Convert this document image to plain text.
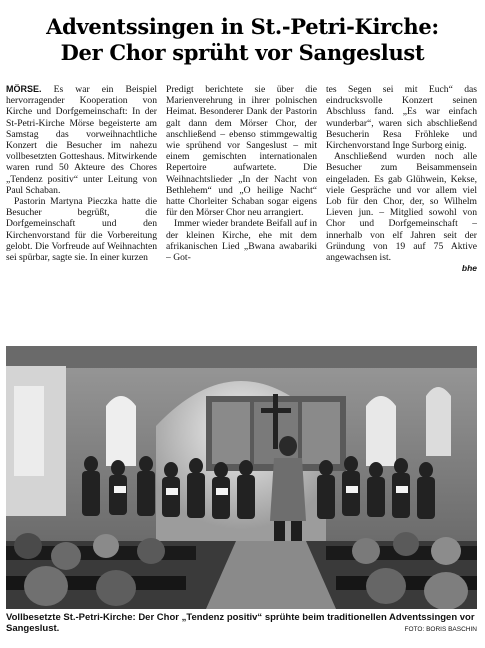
Adventssingen in St.-Petri-Kirche:
Der Chor sprüht vor Sangeslust

MÖRSE. Es war ein Beispiel hervorragender Kooperation von Kirche und Dorfgemeinschaft: In der St-Petri-Kirche Mörse begeisterte am Samstag das vorweihnachtliche Konzert die Besucher im nahezu vollbesetzten Gotteshaus. Mitwirkende waren rund 50 Akteure des Chores „Tendenz positiv“ unter Leitung von Paul Schaban.

Pastorin Martyna Pieczka hatte die Besucher begrüßt, die Dorfgemeinschaft und den Kirchenvorstand für die Vorbereitung gelobt. Die Vorfreude auf Weihnachten sei spürbar, sagte sie. In einer kurzen

Predigt berichtete sie über die Marienverehrung in ihrer polnischen Heimat. Besonderer Dank der Pastorin galt dann dem Mörser Chor, der anschließend – ebenso stimmgewaltig wie sprühend vor Sangeslust – mit einem gemischten internationalen Repertoire aufwartete. Die Weihnachtslieder „In der Nacht von Bethlehem“ und „O heilige Nacht“ hatte Chorleiter Schaban sogar eigens für den Mörser Chor neu arrangiert.

Immer wieder brandete Beifall auf in der kleinen Kirche, ehe mit dem afrikanischen Lied „Bwana awabariki – Got-

tes Segen sei mit Euch“ das eindrucksvolle Konzert seinen Abschluss fand. „Es war einfach wunderbar“, waren sich abschließend Besucherin Resa Fröhleke und Kirchenvorstand Inge Surborg einig.

Anschließend wurden noch alle Besucher zum Beisammensein eingeladen. Es gab Glühwein, Kekse, viele Gespräche und vor allem viel Lob für den Chor, der, so Wilhelm Lieven jun. – Mitglied sowohl von Chor und Dorfgemeinschaft – innerhalb von elf Jahren seit der Gründung von 19 auf 75 Aktive angewachsen ist.

bhe
Vollbesetzte St.-Petri-Kirche: Der Chor „Tendenz positiv“ sprühte beim traditionellen Adventssingen vor Sangeslust.	FOTO: BORIS BASCHIN
